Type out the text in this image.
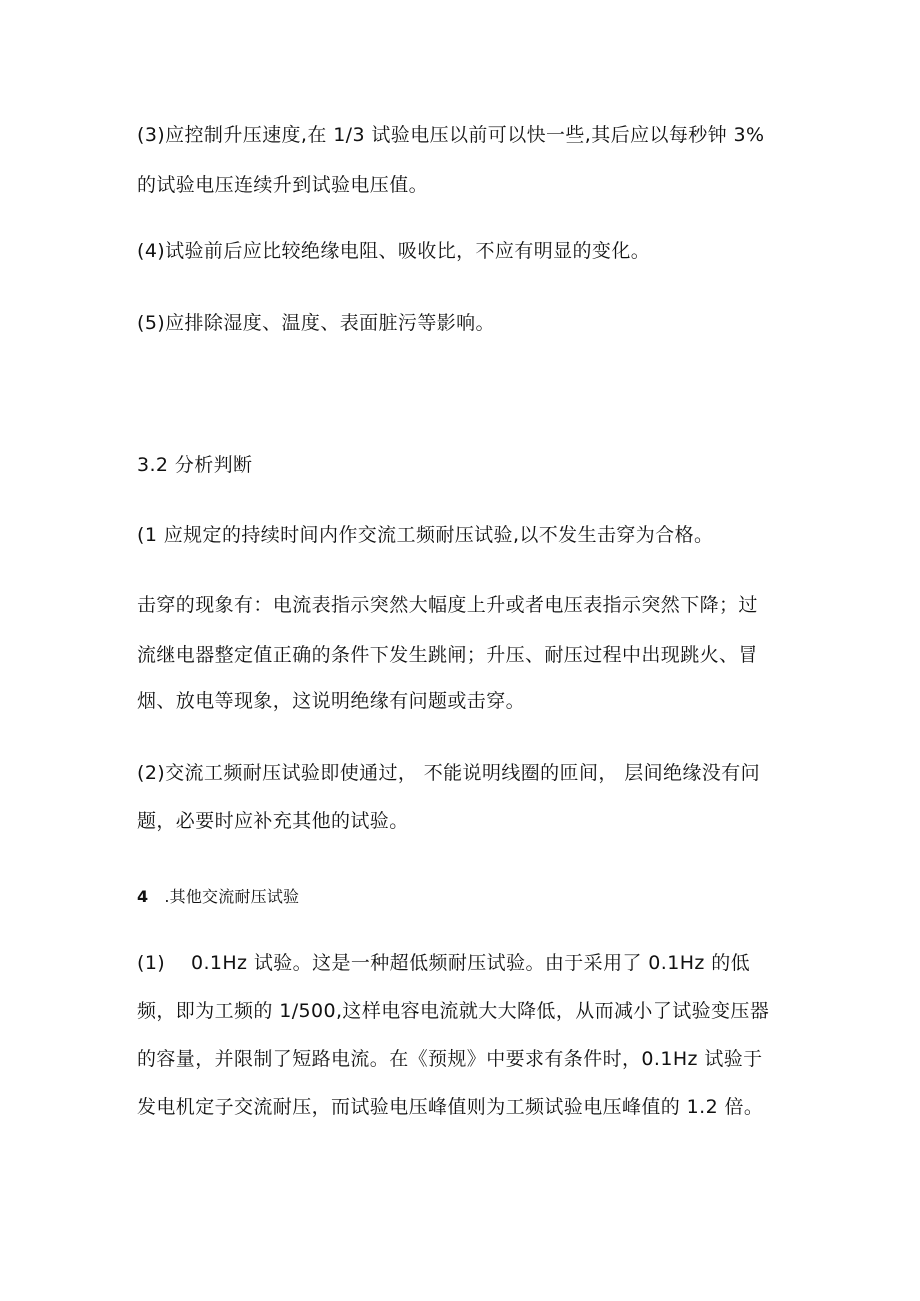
(3)应控制升压速度,在 1/3 试验电压以前可以快一些,其后应以每秒钟 3%
的试验电压连续升到试验电压值。
(4)试验前后应比较绝缘电阻、吸收比，不应有明显的变化。
(5)应排除湿度、温度、表面脏污等影响。
3.2 分析判断
(1 应规定的持续时间内作交流工频耐压试验,以不发生击穿为合格。
击穿的现象有：电流表指示突然大幅度上升或者电压表指示突然下降；过
流继电器整定值正确的条件下发生跳闸；升压、耐压过程中出现跳火、冒
烟、放电等现象，这说明绝缘有问题或击穿。
(2)交流工频耐压试验即使通过， 不能说明线圈的匝间， 层间绝缘没有问
题，必要时应补充其他的试验。
4 .其他交流耐压试验
(1)　 0.1Hz 试验。这是一种超低频耐压试验。由于采用了 0.1Hz 的低
频，即为工频的 1/500,这样电容电流就大大降低，从而减小了试验变压器
的容量，并限制了短路电流。在《预规》中要求有条件时，0.1Hz 试验于
发电机定子交流耐压，而试验电压峰值则为工频试验电压峰值的 1.2 倍。
